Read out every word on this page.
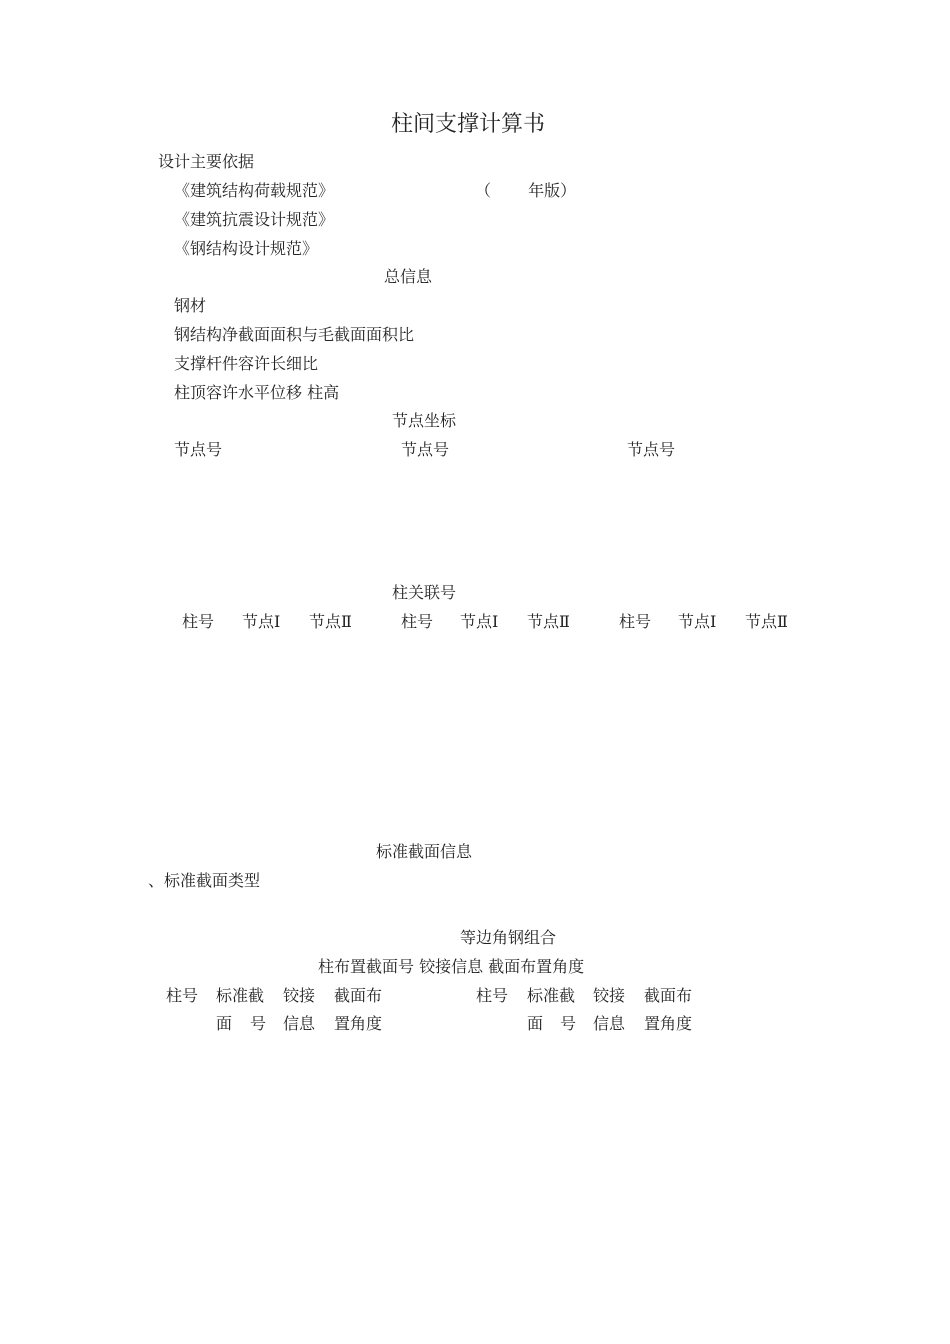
柱间支撑计算书
设计主要依据
《建筑结构荷载规范》	（　　 年版）
《建筑抗震设计规范》
《钢结构设计规范》
总信息
钢材
钢结构净截面面积与毛截面面积比
支撑杆件容许长细比
柱顶容许水平位移 柱高
节点坐标
节点号	节点号	节点号
柱关联号
柱号 节点Ⅰ 节点Ⅱ	柱号 节点Ⅰ 节点Ⅱ	柱号 节点Ⅰ 节点Ⅱ
标准截面信息
、标准截面类型
等边角钢组合
柱布置截面号 铰接信息 截面布置角度
柱号 标准截 铰接 截面布	柱号 标准截 铰接 截面布
面 号 信息 置角度	面 号 信息 置角度
